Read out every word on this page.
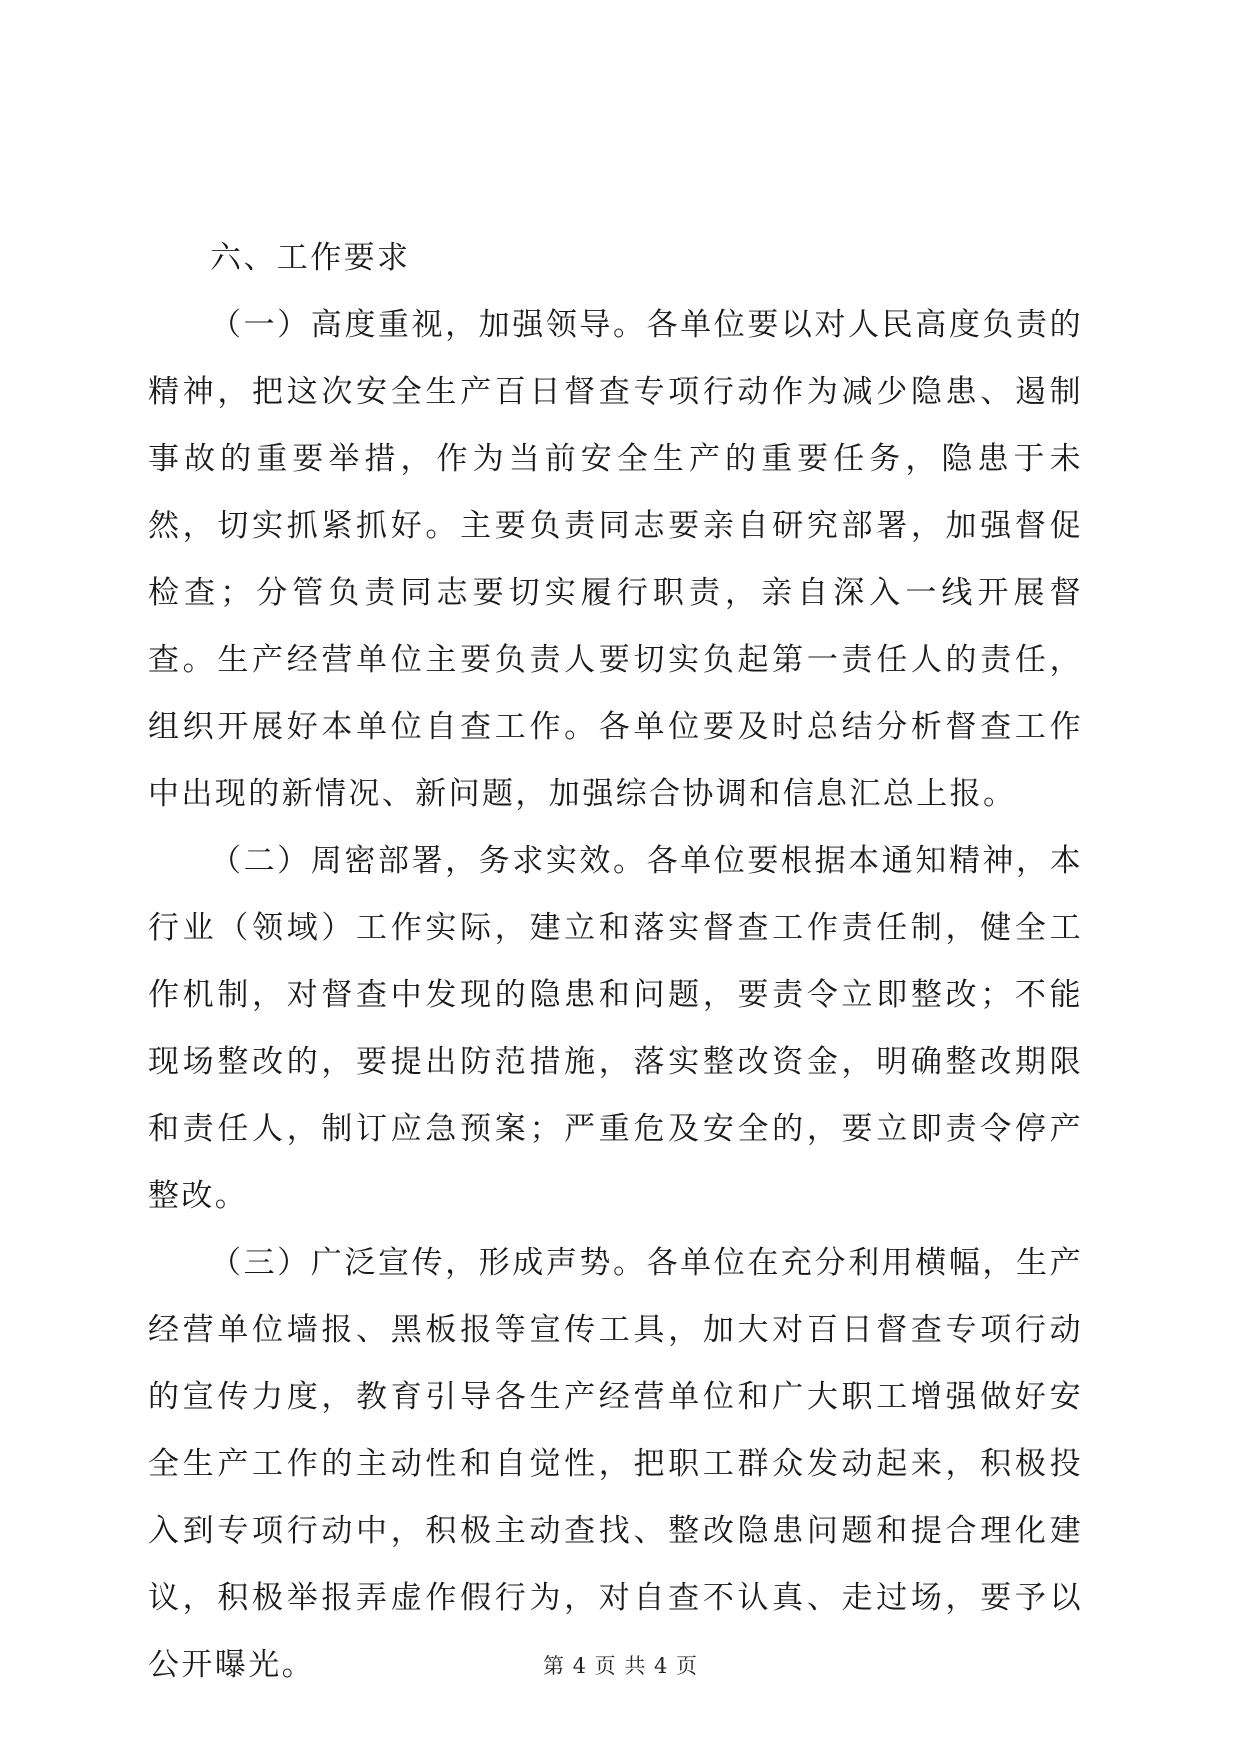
六、工作要求

（一）高度重视，加强领导。各单位要以对人民高度负责的精神，把这次安全生产百日督查专项行动作为减少隐患、遏制事故的重要举措，作为当前安全生产的重要任务，隐患于未然，切实抓紧抓好。主要负责同志要亲自研究部署，加强督促检查；分管负责同志要切实履行职责，亲自深入一线开展督查。生产经营单位主要负责人要切实负起第一责任人的责任，组织开展好本单位自查工作。各单位要及时总结分析督查工作中出现的新情况、新问题，加强综合协调和信息汇总上报。

（二）周密部署，务求实效。各单位要根据本通知精神，本行业（领域）工作实际，建立和落实督查工作责任制，健全工作机制，对督查中发现的隐患和问题，要责令立即整改；不能现场整改的，要提出防范措施，落实整改资金，明确整改期限和责任人，制订应急预案；严重危及安全的，要立即责令停产整改。

（三）广泛宣传，形成声势。各单位在充分利用横幅，生产经营单位墙报、黑板报等宣传工具，加大对百日督查专项行动的宣传力度，教育引导各生产经营单位和广大职工增强做好安全生产工作的主动性和自觉性，把职工群众发动起来，积极投入到专项行动中，积极主动查找、整改隐患问题和提合理化建议，积极举报弄虚作假行为，对自查不认真、走过场，要予以公开曝光。	第 4 页 共 4 页
